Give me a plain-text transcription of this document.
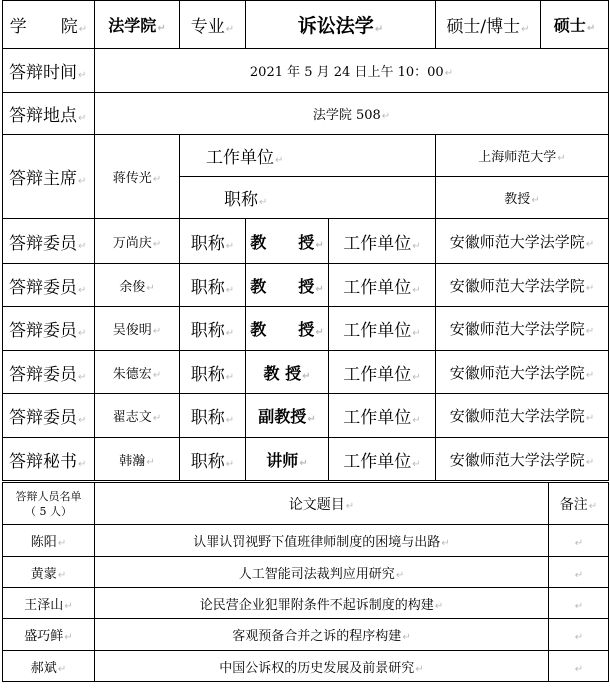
学　　院↵	法学院↵	专业↵	诉讼法学↵	硕士/博士↵	硕士↵
答辩时间↵	2021 年 5 月 24 日上午 10：00↵				
答辩地点↵	法学院 508↵				
答辩主席↵	蒋传光↵	工作单位↵		上海师范大学↵	
		职称↵		教授↵	
答辩委员↵	万尚庆↵	职称↵	教　　授↵	工作单位↵	安徽师范大学法学院↵
答辩委员↵	余俊↵	职称↵	教　　授↵	工作单位↵	安徽师范大学法学院↵
答辩委员↵	吴俊明↵	职称↵	教　　授↵	工作单位↵	安徽师范大学法学院↵
答辩委员↵	朱德宏↵	职称↵	教 授↵	工作单位↵	安徽师范大学法学院↵
答辩委员↵	翟志文↵	职称↵	副教授↵	工作单位↵	安徽师范大学法学院↵
答辩秘书↵	韩瀚↵	职称↵	讲师↵	工作单位↵	安徽师范大学法学院↵
答辩人员名单
（ 5 人）	论文题目↵	备注↵
陈阳↵	认罪认罚视野下值班律师制度的困境与出路↵	↵
黄蒙↵	人工智能司法裁判应用研究↵	↵
王泽山↵	论民营企业犯罪附条件不起诉制度的构建↵	↵
盛巧鲜↵	客观预备合并之诉的程序构建↵	↵
郝斌↵	中国公诉权的历史发展及前景研究↵	↵
